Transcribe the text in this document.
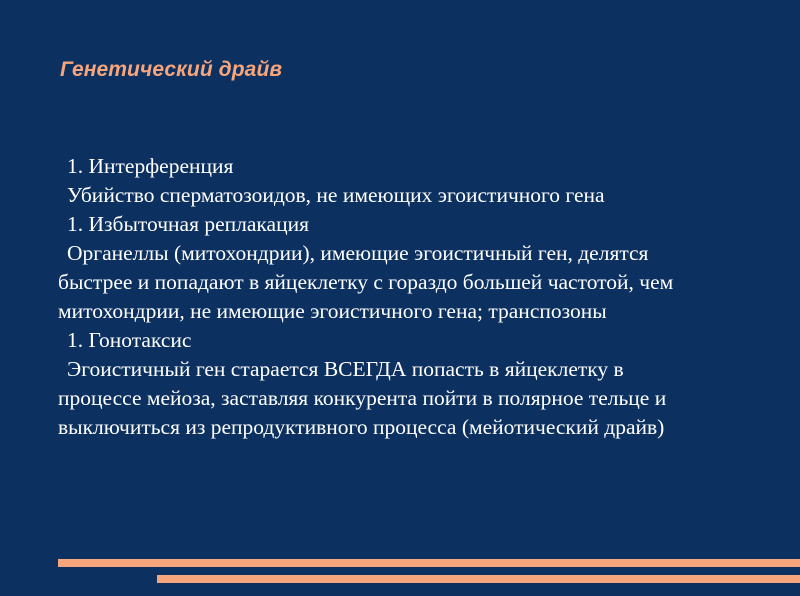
Генетический драйв
1. Интерференция
Убийство сперматозоидов, не имеющих эгоистичного гена
1. Избыточная реплакация
Органеллы (митохондрии), имеющие эгоистичный ген, делятся
быстрее и попадают в яйцеклетку с гораздо большей частотой, чем
митохондрии, не имеющие эгоистичного гена; транспозоны
1. Гонотаксис
Эгоистичный ген старается ВСЕГДА попасть в яйцеклетку в
процессе мейоза, заставляя конкурента пойти в полярное тельце и
выключиться из репродуктивного процесса (мейотический драйв)
